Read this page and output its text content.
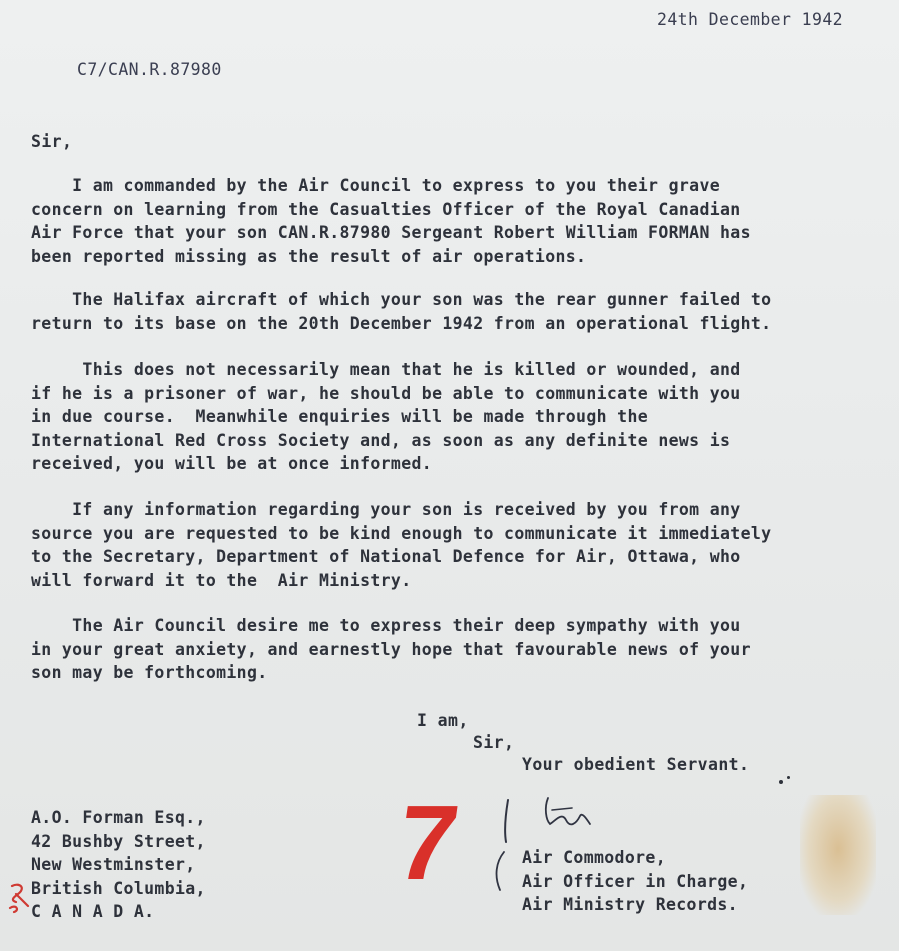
24th December 1942

C7/CAN.R.87980

Sir,

I am commanded by the Air Council to express to you their grave
concern on learning from the Casualties Officer of the Royal Canadian
Air Force that your son CAN.R.87980 Sergeant Robert William FORMAN has
been reported missing as the result of air operations.
The Halifax aircraft of which your son was the rear gunner failed to
return to its base on the 20th December 1942 from an operational flight.
This does not necessarily mean that he is killed or wounded, and
if he is a prisoner of war, he should be able to communicate with you
in due course.  Meanwhile enquiries will be made through the
International Red Cross Society and, as soon as any definite news is
received, you will be at once informed.
If any information regarding your son is received by you from any
source you are requested to be kind enough to communicate it immediately
to the Secretary, Department of National Defence for Air, Ottawa, who
will forward it to the  Air Ministry.
The Air Council desire me to express their deep sympathy with you
in your great anxiety, and earnestly hope that favourable news of your
son may be forthcoming.

I am,

Sir,

Your obedient Servant.

A.O. Forman Esq.,
42 Bushby Street,
New Westminster,
British Columbia,
C A N A D A.
Air Commodore,
Air Officer in Charge,
Air Ministry Records.
7
